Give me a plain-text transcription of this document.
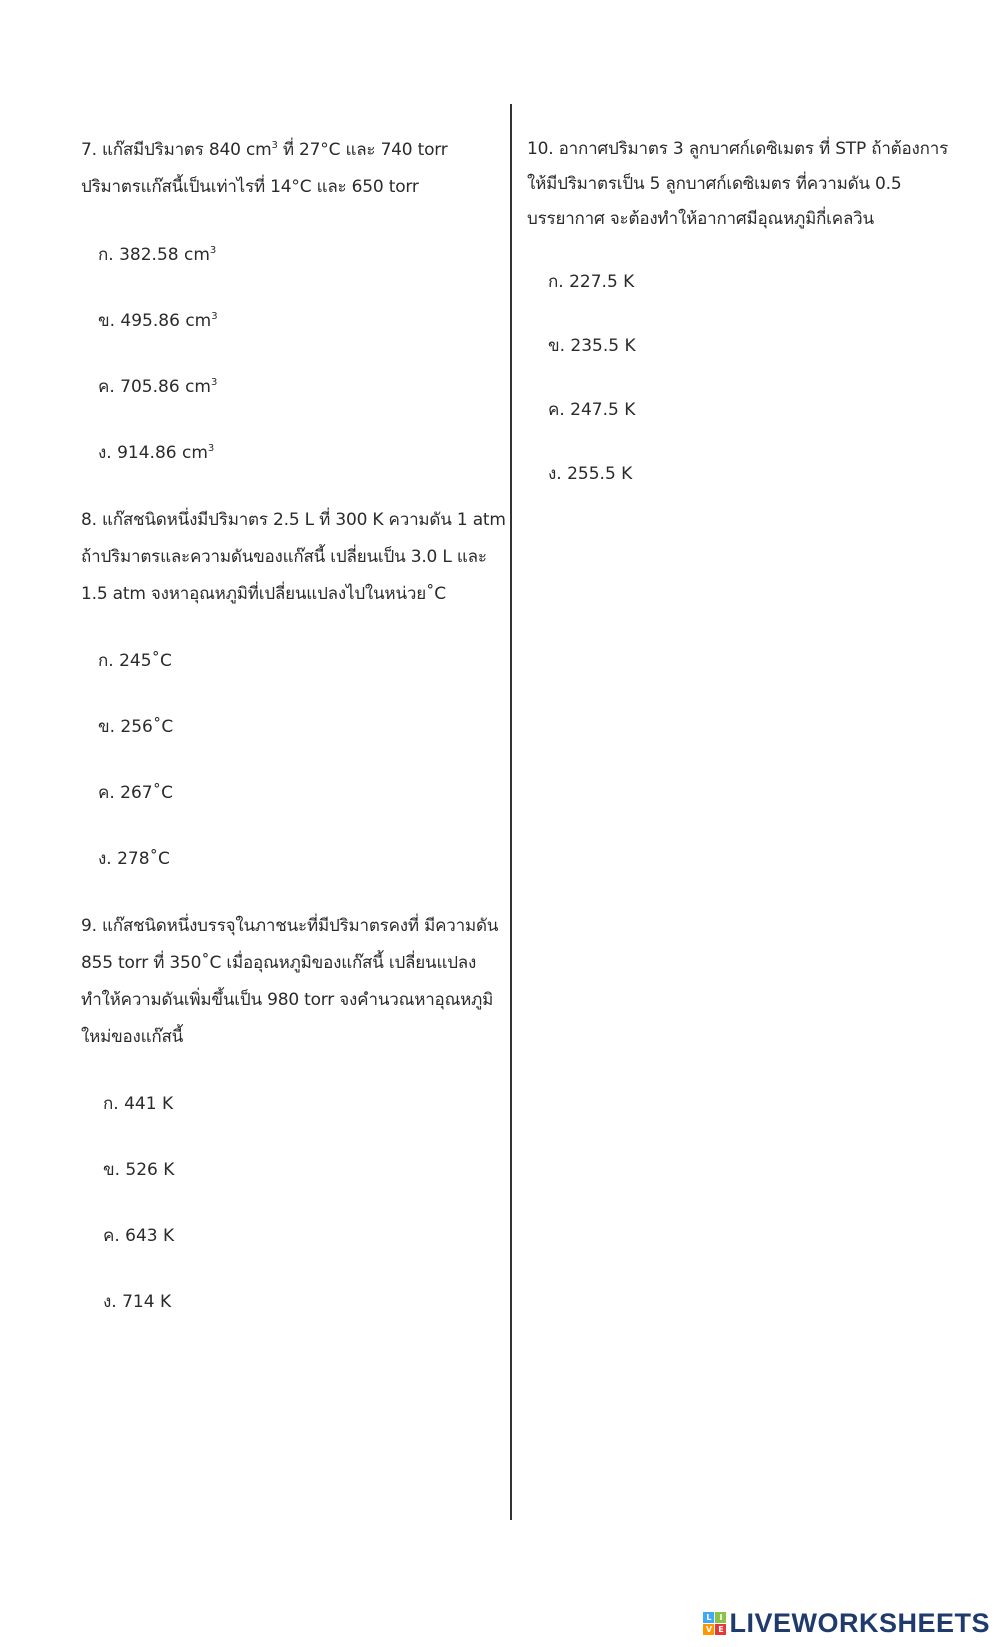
7. แก๊สมีปริมาตร 840 $cm^3$ ที่ 27°C และ 740 torr
ปริมาตรแก๊สนี้เป็นเท่าไรที่ 14°C และ 650 torr
ก. 382.58 $cm^3$
ข. 495.86 $cm^3$
ค. 705.86 $cm^3$
ง. 914.86 $cm^3$
8. แก๊สชนิดหนึ่งมีปริมาตร 2.5 L ที่ 300 K ความดัน 1 atm
ถ้าปริมาตรและความดันของแก๊สนี้ เปลี่ยนเป็น 3.0 L และ
1.5 atm จงหาอุณหภูมิที่เปลี่ยนแปลงไปในหน่วย˚C
ก. 245˚C
ข. 256˚C
ค. 267˚C
ง. 278˚C
9. แก๊สชนิดหนึ่งบรรจุในภาชนะที่มีปริมาตรคงที่ มีความดัน
855 torr ที่ 350˚C เมื่ออุณหภูมิของแก๊สนี้ เปลี่ยนแปลง
ทำให้ความดันเพิ่มขึ้นเป็น 980 torr จงคำนวณหาอุณหภูมิ
ใหม่ของแก๊สนี้
ก. 441 K
ข. 526 K
ค. 643 K
ง. 714 K
10. อากาศปริมาตร 3 ลูกบาศก์เดซิเมตร ที่ STP ถ้าต้องการ
ให้มีปริมาตรเป็น 5 ลูกบาศก์เดซิเมตร ที่ความดัน 0.5
บรรยากาศ จะต้องทำให้อากาศมีอุณหภูมิกี่เคลวิน
ก. 227.5 K
ข. 235.5 K
ค. 247.5 K
ง. 255.5 K
L I
V E LIVEWORKSHEETS
